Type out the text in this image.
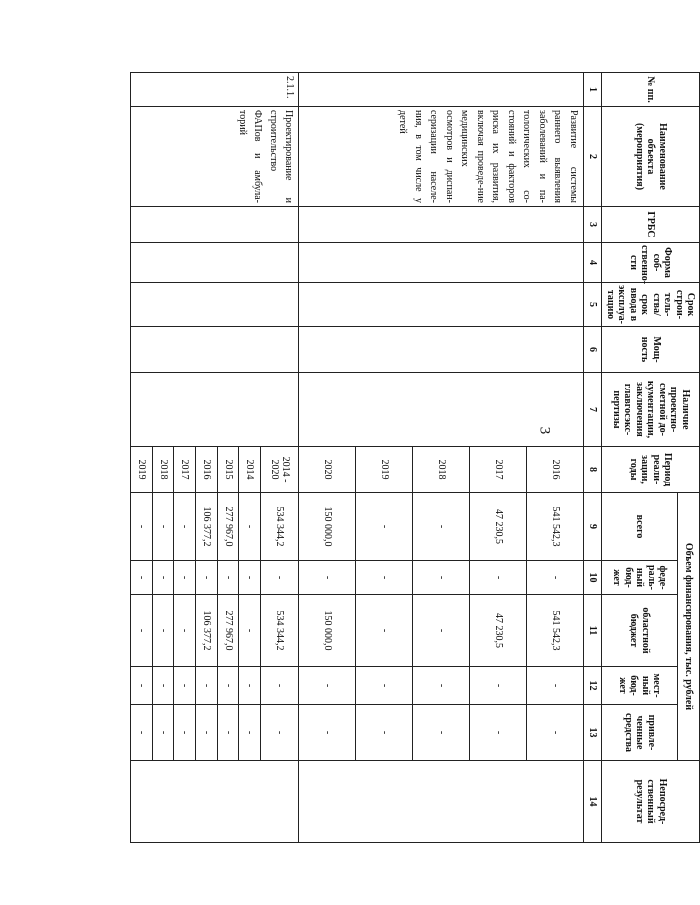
3
№ пп.	Наименование объекта (мероприятия)	ГРБС	Форма соб-ственно-сти	Срок строи-тель-ства/срок ввода в эксплуа-тацию	Мощ-ность	Наличие проектно-сметной до-кументации, заключения главгосэкс-пертизы	Период реали-зации, годы	Объем финансирования, тыс. рублей					Непосред-ственный результат
								всего	феде-раль-ный бюд-жет	областной бюджет	мест-ный бюд-жет	привле-ченные средства	
1	2	3	4	5	6	7	8	9	10	11	12	13	14
	Развитие системы раннего выявления заболеваний и па-тологических со-стояний и факторов риска их развития, включая проведе-ние медицинских осмотров и диспан-серизации населе-ния, в том числе у детей						2016	541 542,3	-	541 542,3	-	-	
							2017	47 230,5	-	47 230,5	-	-	
							2018	-	-	-	-	-	
							2019	-	-	-	-	-	
							2020	150 000,0	-	150 000,0	-	-	
2.1.1.	Проектирование и строительство ФАПов и амбула-торий						2014 - 2020	534 344,2	-	534 344,2	-	-	
							2014	-	-	-	-	-	
							2015	277 967,0	-	277 967,0	-	-	
							2016	106 377,2	-	106 377,2	-	-	
							2017	-	-	-	-	-	
							2018	-	-	-	-	-	
							2019	-	-	-	-	-	
